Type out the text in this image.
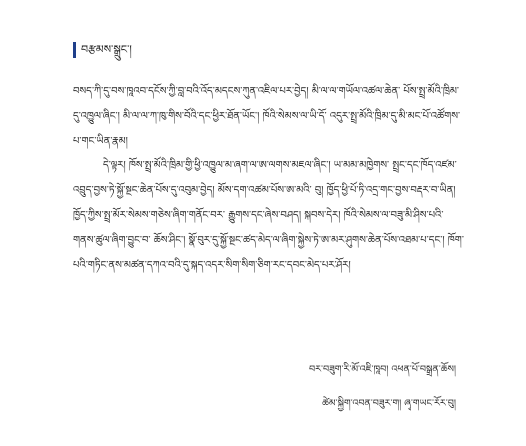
བརྩམས་སྒྲུང་།

བསད་ཀི་དུ་བས་ཁཱའབ་དངོས་ཀྱི་བླ་བའི་འོད་མདངས་ཀུན་འཇིལ་པར་བྱེད། མི་ལ་ལ་གཡོལ་འཚལ་ཆེན་ པོས་སྤྲ་མོའི་ཁྲིམ་དུ་འཁྱུལ་ཞིང་། མི་ལ་ལ་ཀ་ཁུ་གིས་བོའི་དང་ཕྱིར་ཐོན་ཡོང་། ཁོའི་སེམས་ལ་ཡི་དོ་ འདུར་སྤྲ་མོའི་ཁྲིམ་དུ་མི་མང་པོ་འཚོགས་པ་གང་ཡིན་རྣམ།

དེ་ལྟར། ཁོས་སྤྲ་མོའི་ཁྲིམ་གྱི་ཕྱི་འཁྱུལ་མ་ཞག་ལ་ཨ་ལགས་མཇལ་ཞིང་། ཡ་མམ་མཁྱེགས་ སྤྲང་དང་ཁོད་འཛམ་འབྲུད་བྱས་ཏེ་སྐྱོ་སྔང་ཆེན་པོས་དུ་འབུམ་བྱེད། མོས་དག་འཚམ་པོས་ཨ་མའི་ བུ། ཁྱོད་ཕྱི་པོ་ཏི་འདྲ་གང་བྱས་བརྡར་བ་ཡིན། ཁྱོད་ཀྱིས་སྤྲ་མོར་སེམས་གཅེས་ཞིག་གནོང་བར་ རྒྱུགས་དང་ཞེས་བཤད། སྐབས་དེར། ཁོའི་སེམས་ལ་བཟུ་མི་ཤིས་པའི་གནས་ཚུལ་ཞིག་བྱུང་བ་ ཆོས་ཤིང་། སྣོ་བུར་དུ་སྐྱོ་སྔང་ཚད་མེད་ལ་ཞིག་སྐྱེས་ཏེ་ཨ་མར་ཤུགས་ཆེན་པོས་འཐམ་པ་དང་། ཁོག་པའི་གཏིང་ནས་མཚན་དཀའ་བའི་དུ་སྐད་འདར་སིག་སིག་ཅིག་རང་དབང་མེད་པར་ཤོར།

བར་བཟུག་རི་མོ་འཇི་ཁཱབ། འཕན་པོ་བསྒྲན་ཆོས།
ཚེམ་སྐྱིག་འབན་བཟུར་ག། ཞྭ་གཡང་རོར་བུ།
